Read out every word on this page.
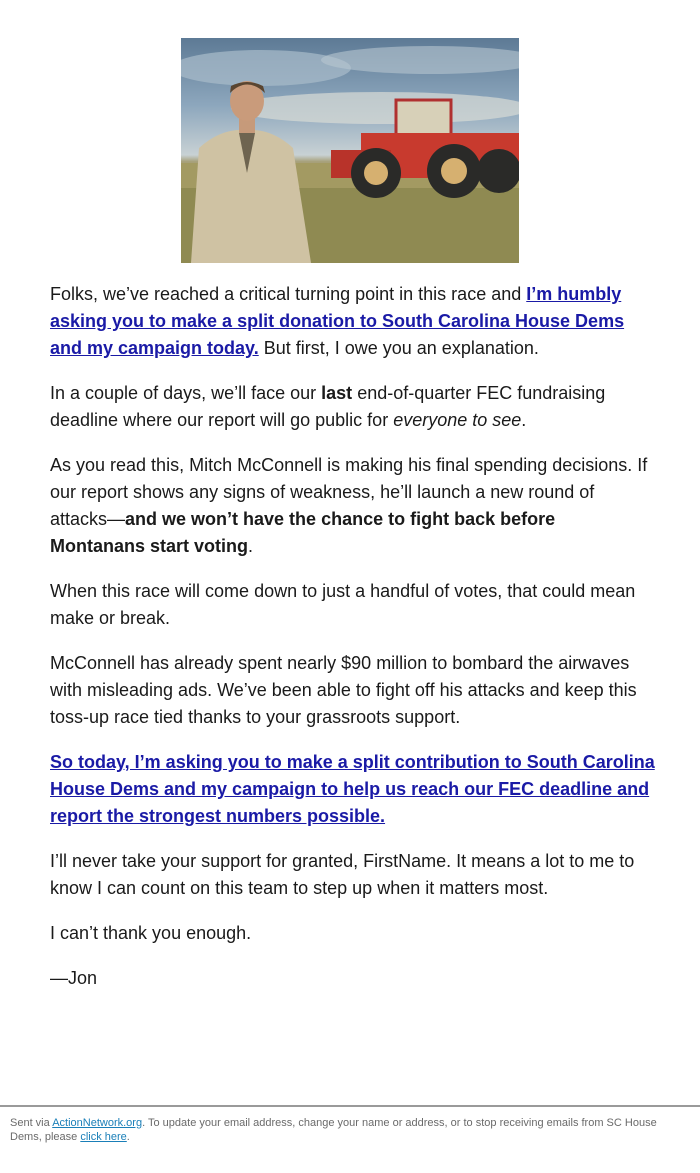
Folks, we’ve reached a critical turning point in this race and I’m humbly asking you to make a split donation to South Carolina House Dems and my campaign today. But first, I owe you an explanation.

In a couple of days, we’ll face our last end-of-quarter FEC fundraising deadline where our report will go public for everyone to see.

As you read this, Mitch McConnell is making his final spending decisions. If our report shows any signs of weakness, he’ll launch a new round of attacks—and we won’t have the chance to fight back before Montanans start voting.

When this race will come down to just a handful of votes, that could mean make or break.

McConnell has already spent nearly $90 million to bombard the airwaves with misleading ads. We’ve been able to fight off his attacks and keep this toss-up race tied thanks to your grassroots support.

So today, I’m asking you to make a split contribution to South Carolina House Dems and my campaign to help us reach our FEC deadline and report the strongest numbers possible.

I’ll never take your support for granted, FirstName. It means a lot to me to know I can count on this team to step up when it matters most.

I can’t thank you enough.

—Jon

Sent via ActionNetwork.org. To update your email address, change your name or address, or to stop receiving emails from SC House Dems, please click here.
